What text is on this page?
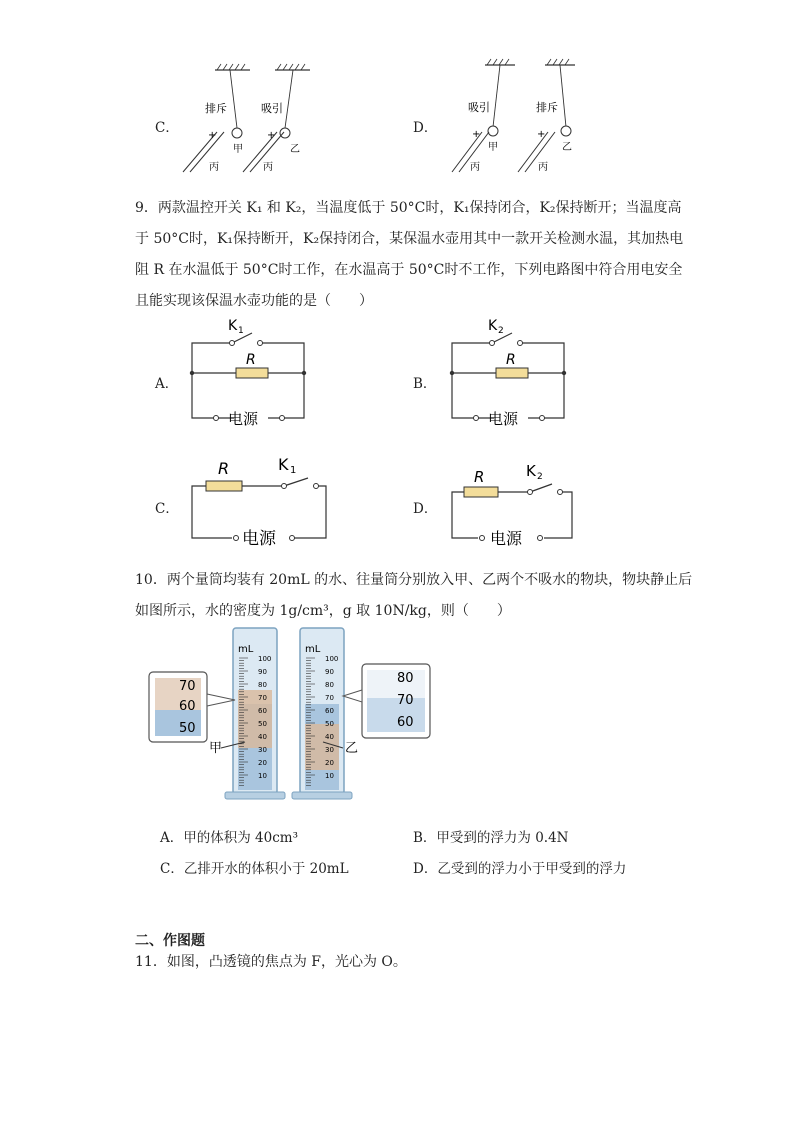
C．
排斥	吸引
+	+
甲	乙
丙	丙
D．
吸引	排斥
+	+
甲	乙
丙	丙
9．两款温控开关 K₁ 和 K₂，当温度低于 50°C时，K₁保持闭合，K₂保持断开；当温度高于 50°C时，K₁保持断开，K₂保持闭合，某保温水壶用其中一款开关检测水温，其加热电阻 R 在水温低于 50°C时工作，在水温高于 50°C时不工作，下列电路图中符合用电安全且能实现该保温水壶功能的是（　　）
A．
K 1
R
电源
B．
K 2
R
电源
C．
R	K 1
电源
D．
R	K 2
电源
10．两个量筒均装有 20mL 的水、往量筒分别放入甲、乙两个不吸水的物块，物块静止后如图所示，水的密度为 1g/cm³，g 取 10N/kg，则（　　）
mL	mL
100
90
80
70
60
50
40
30
20
10
100
90
80
70
60
50
40
30
20
10
70
60
50
80
70
60
甲	乙
A．甲的体积为 40cm³	B．甲受到的浮力为 0.4N
C．乙排开水的体积小于 20mL	D．乙受到的浮力小于甲受到的浮力
二、作图题
11．如图，凸透镜的焦点为 F，光心为 O。
